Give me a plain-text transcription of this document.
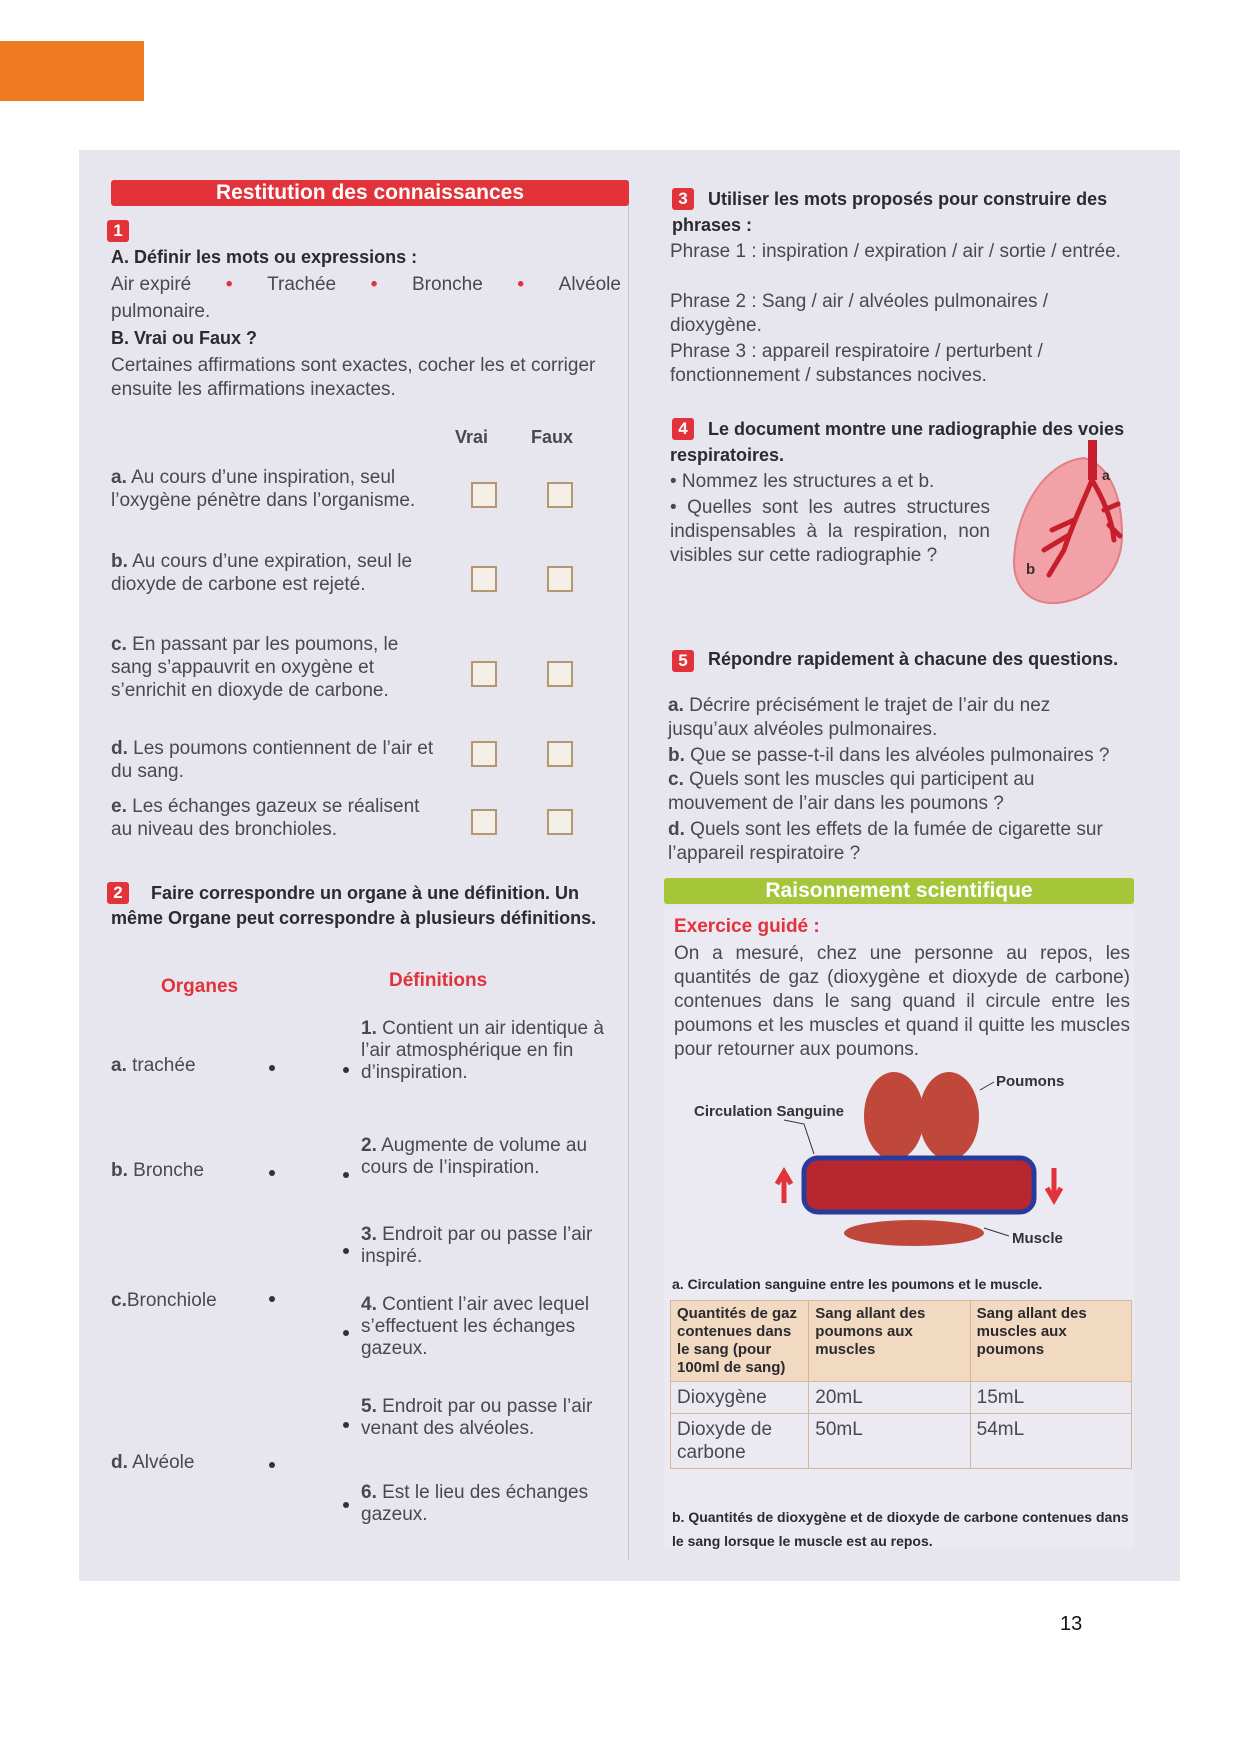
Restitution des connaissances
1
A. Définir les mots ou expressions :
Air expiré • Trachée • Bronche • Alvéole
pulmonaire.
B. Vrai ou Faux ?
Certaines affirmations sont exactes, cocher les et corriger ensuite les affirmations inexactes.
Vrai Faux
a. Au cours d’une inspiration, seul l’oxygène pénètre dans l’organisme.
b. Au cours d’une expiration, seul le dioxyde de carbone est rejeté.
c. En passant par les poumons, le sang s’appauvrit en oxygène et s’enrichit en dioxyde de carbone.
d. Les poumons contiennent de l’air et du sang.
e. Les échanges gazeux se réalisent au niveau des bronchioles.
2	Faire correspondre un organe à une définition. Un même Organe peut correspondre à plusieurs définitions.
Organes	Définitions
a. trachée
b. Bronche
c.Bronchiole
d. Alvéole
1. Contient un air identique à l’air atmosphérique en fin d’inspiration.
2. Augmente de volume au cours de l’inspiration.
3. Endroit par ou passe l’air inspiré.
4. Contient l’air avec lequel s’effectuent les échanges gazeux.
5. Endroit par ou passe l’air venant des alvéoles.
6. Est le lieu des échanges gazeux.
3	Utiliser les mots proposés pour construire des phrases :
Phrase 1 : inspiration / expiration / air / sortie / entrée.
Phrase 2 : Sang / air / alvéoles pulmonaires / dioxygène.
Phrase 3 : appareil respiratoire / perturbent / fonctionnement / substances nocives.
4	Le document montre une radiographie des voies respiratoires.
• Nommez les structures a et b.
• Quelles sont les autres structures indispensables à la respiration, non visibles sur cette radiographie ?
a
b
5	Répondre rapidement à chacune des questions.
a. Décrire précisément le trajet de l’air du nez jusqu’aux alvéoles pulmonaires.
b. Que se passe-t-il dans les alvéoles pulmonaires ?
c. Quels sont les muscles qui participent au mouvement de l’air dans les poumons ?
d. Quels sont les effets de la fumée de cigarette sur l’appareil respiratoire ?
Raisonnement scientifique
Exercice guidé :
On a mesuré, chez une personne au repos, les quantités de gaz (dioxygène et dioxyde de carbone) contenues dans le sang quand il circule entre les poumons et les muscles et quand il quitte les muscles pour retourner aux poumons.
Poumons
Circulation Sanguine
Muscle
a. Circulation sanguine entre les poumons et le muscle.
Quantités de gaz contenues dans le sang (pour 100ml de sang)	Sang allant des poumons aux muscles	Sang allant des muscles aux poumons
Dioxygène	20mL	15mL
Dioxyde de carbone	50mL	54mL
b. Quantités de dioxygène et de dioxyde de carbone contenues dans le sang lorsque le muscle est au repos.
13
